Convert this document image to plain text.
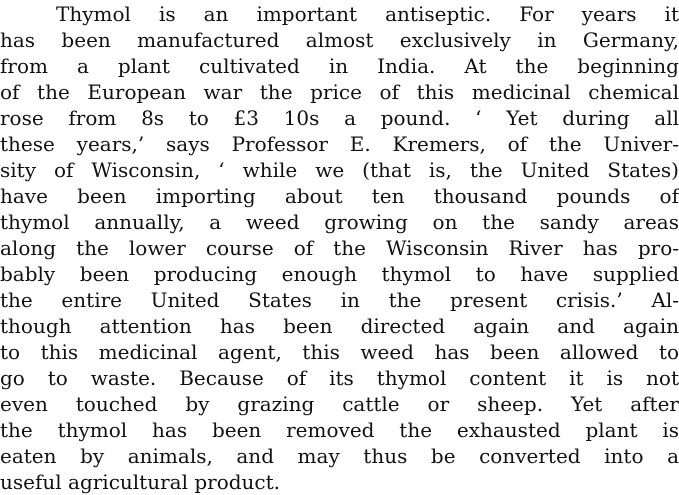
Thymol is an important antiseptic. For years it

has been manufactured almost exclusively in Germany,

from a plant cultivated in India. At the beginning

of the European war the price of this medicinal chemical

rose from 8s to £3 10s a pound. ‘ Yet during all

these years,’ says Professor E. Kremers, of the Univer-

sity of Wisconsin, ‘ while we (that is, the United States)

have been importing about ten thousand pounds of

thymol annually, a weed growing on the sandy areas

along the lower course of the Wisconsin River has pro-

bably been producing enough thymol to have supplied

the entire United States in the present crisis.’ Al-

though attention has been directed again and again

to this medicinal agent, this weed has been allowed to

go to waste. Because of its thymol content it is not

even touched by grazing cattle or sheep. Yet after

the thymol has been removed the exhausted plant is

eaten by animals, and may thus be converted into a

useful agricultural product.
